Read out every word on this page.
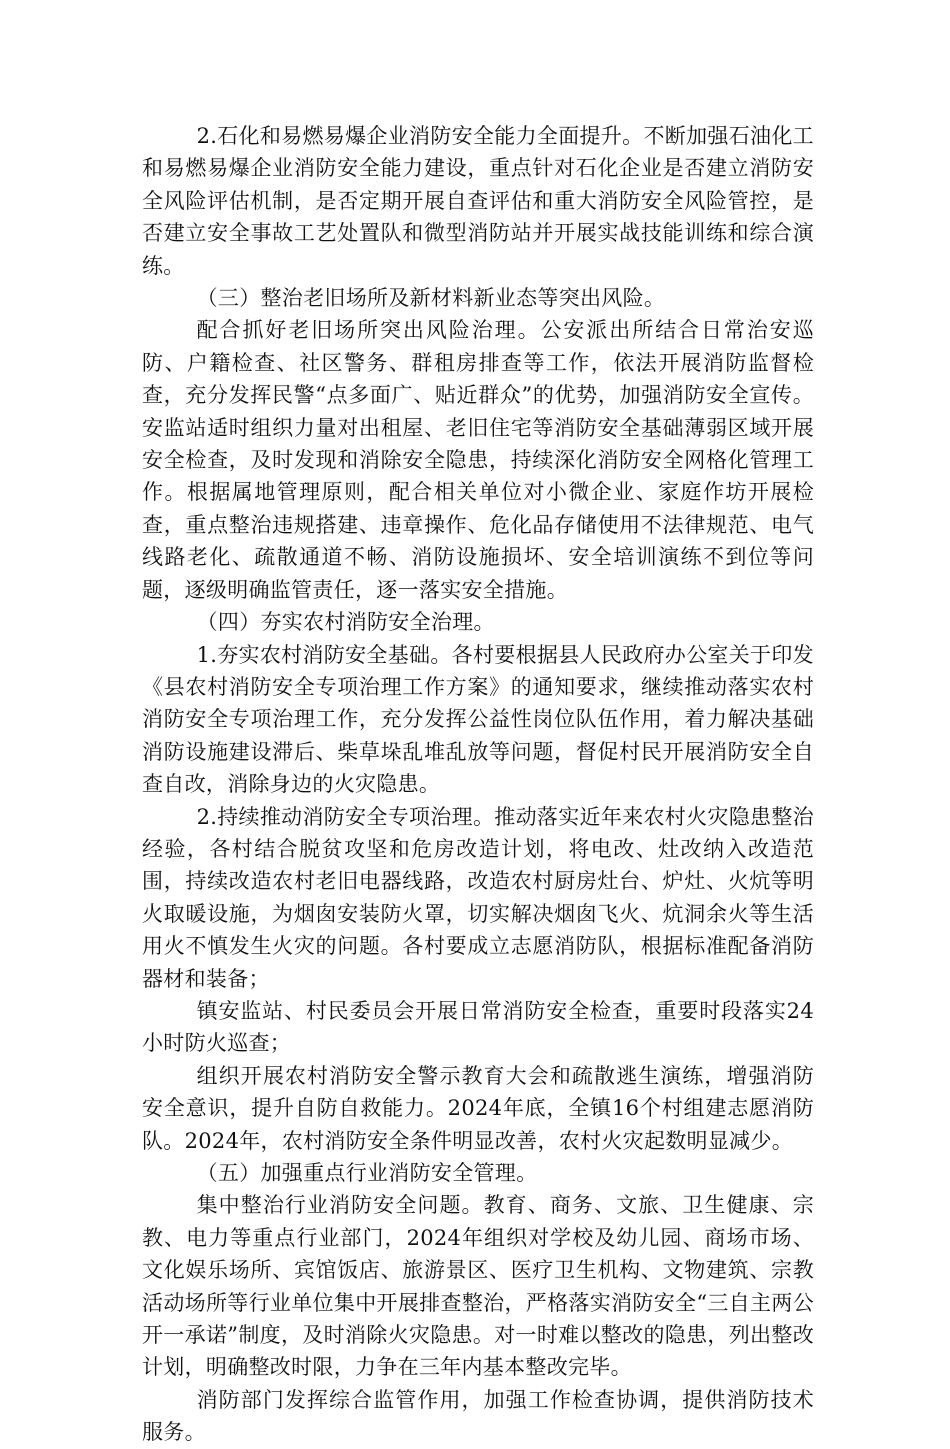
2.石化和易燃易爆企业消防安全能力全面提升。不断加强石油化工和易燃易爆企业消防安全能力建设，重点针对石化企业是否建立消防安全风险评估机制，是否定期开展自查评估和重大消防安全风险管控，是否建立安全事故工艺处置队和微型消防站并开展实战技能训练和综合演练。

（三）整治老旧场所及新材料新业态等突出风险。

配合抓好老旧场所突出风险治理。公安派出所结合日常治安巡防、户籍检查、社区警务、群租房排查等工作，依法开展消防监督检查，充分发挥民警“点多面广、贴近群众”的优势，加强消防安全宣传。安监站适时组织力量对出租屋、老旧住宅等消防安全基础薄弱区域开展安全检查，及时发现和消除安全隐患，持续深化消防安全网格化管理工作。根据属地管理原则，配合相关单位对小微企业、家庭作坊开展检查，重点整治违规搭建、违章操作、危化品存储使用不法律规范、电气线路老化、疏散通道不畅、消防设施损坏、安全培训演练不到位等问题，逐级明确监管责任，逐一落实安全措施。

（四）夯实农村消防安全治理。

1.夯实农村消防安全基础。各村要根据县人民政府办公室关于印发《县农村消防安全专项治理工作方案》的通知要求，继续推动落实农村消防安全专项治理工作，充分发挥公益性岗位队伍作用，着力解决基础消防设施建设滞后、柴草垛乱堆乱放等问题，督促村民开展消防安全自查自改，消除身边的火灾隐患。

2.持续推动消防安全专项治理。推动落实近年来农村火灾隐患整治经验，各村结合脱贫攻坚和危房改造计划，将电改、灶改纳入改造范围，持续改造农村老旧电器线路，改造农村厨房灶台、炉灶、火炕等明火取暖设施，为烟囱安装防火罩，切实解决烟囱飞火、炕洞余火等生活用火不慎发生火灾的问题。各村要成立志愿消防队，根据标准配备消防器材和装备；

镇安监站、村民委员会开展日常消防安全检查，重要时段落实24小时防火巡查；

组织开展农村消防安全警示教育大会和疏散逃生演练，增强消防安全意识，提升自防自救能力。2024年底，全镇16个村组建志愿消防队。2024年，农村消防安全条件明显改善，农村火灾起数明显减少。

（五）加强重点行业消防安全管理。

集中整治行业消防安全问题。教育、商务、文旅、卫生健康、宗教、电力等重点行业部门，2024年组织对学校及幼儿园、商场市场、文化娱乐场所、宾馆饭店、旅游景区、医疗卫生机构、文物建筑、宗教活动场所等行业单位集中开展排查整治，严格落实消防安全“三自主两公开一承诺”制度，及时消除火灾隐患。对一时难以整改的隐患，列出整改计划，明确整改时限，力争在三年内基本整改完毕。

消防部门发挥综合监管作用，加强工作检查协调，提供消防技术服务。
